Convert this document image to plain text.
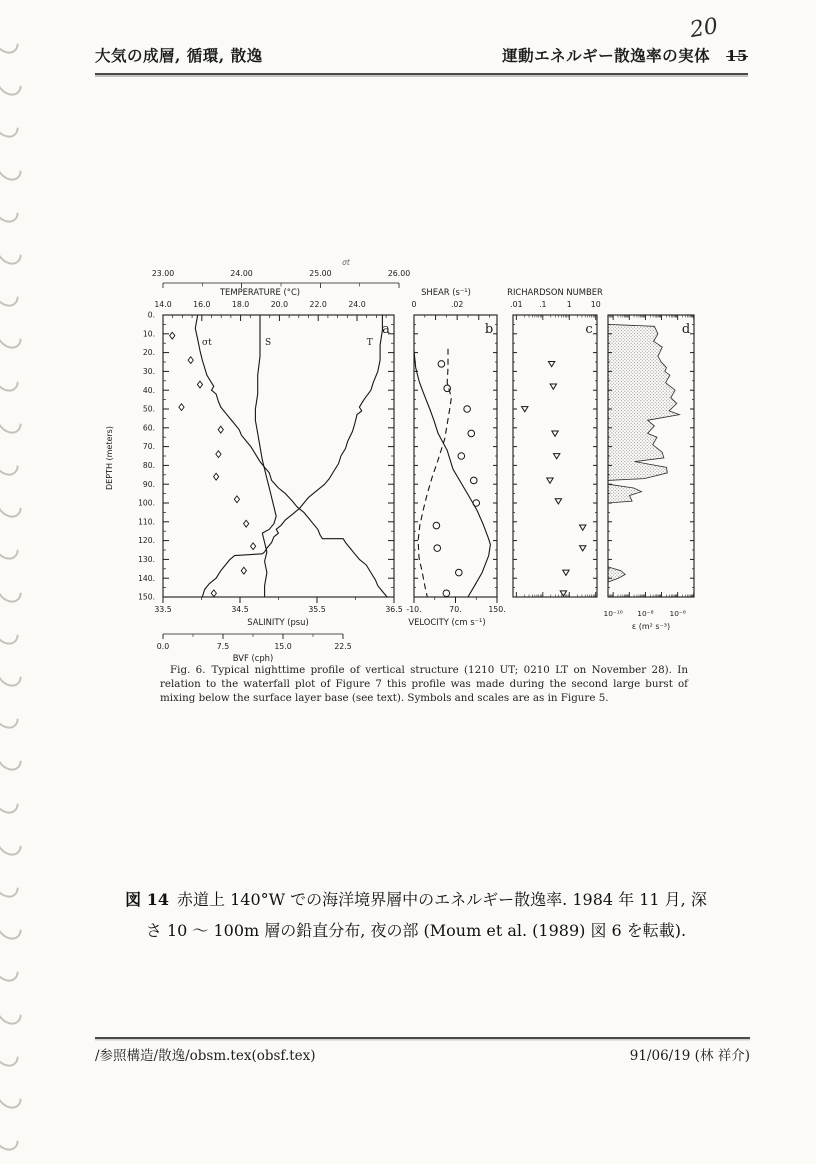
20
大気の成層, 循環, 散逸	運動エネルギー散逸率の実体 15
a	b	c	d
0.
10.
20.
30.
40.
50.
60.
70.
80.
90.
100.
110.
120.
130.
140.
150.
DEPTH (meters)
23.00	24.00	25.00	26.00
σt
TEMPERATURE (°C)
14.0	16.0	18.0	20.0	22.0	24.0
33.5	34.5	35.5	36.5
SALINITY (psu)
0.0	7.5	15.0	22.5
BVF (cph)
SHEAR (s⁻¹)
0	.02
-10.	70.	150.
VELOCITY (cm s⁻¹)
RICHARDSON NUMBER
.01 .1	1 10
10⁻¹⁰ 10⁻⁸ 10⁻⁶
ε (m² s⁻³)
σt	S	T
Fig. 6. Typical nighttime profile of vertical structure (1210 UT; 0210 LT on November 28). In relation to the waterfall plot of Figure 7 this profile was made during the second large burst of mixing below the surface layer base (see text). Symbols and scales are as in Figure 5.
図 14 赤道上 140°W での海洋境界層中のエネルギー散逸率. 1984 年 11 月, 深
さ 10 〜 100m 層の鉛直分布, 夜の部 (Moum et al. (1989) 図 6 を転載).
/参照構造/散逸/obsm.tex(obsf.tex)	91/06/19 (林 祥介)
